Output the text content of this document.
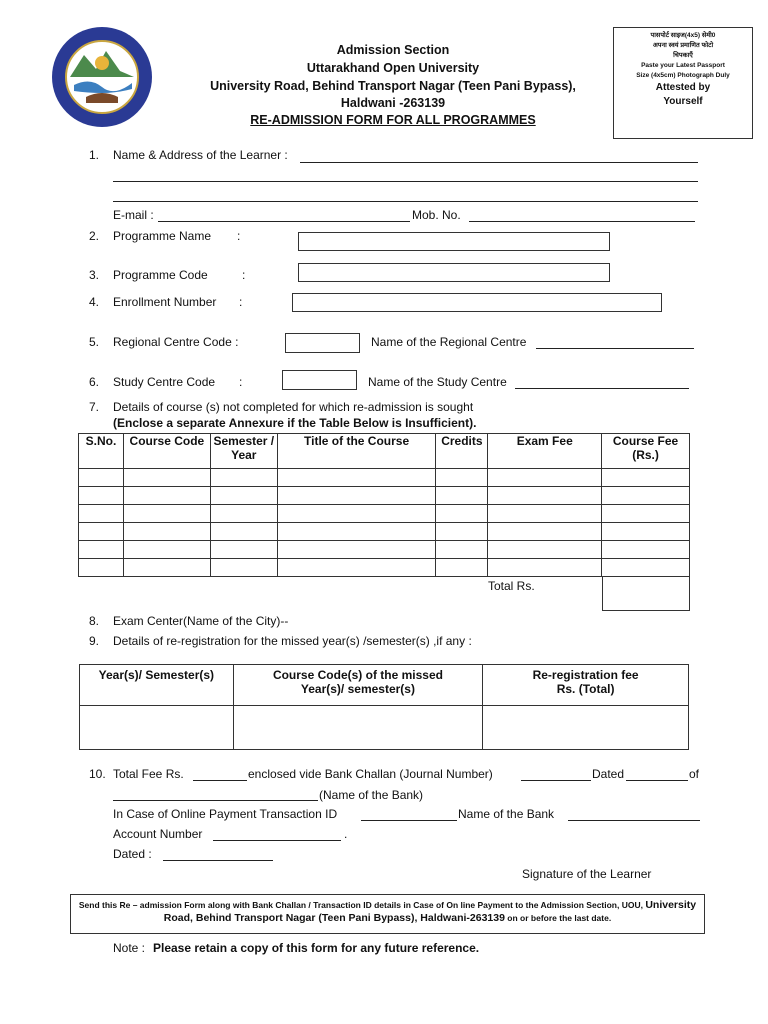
Admission Section
Uttarakhand Open University
University Road, Behind Transport Nagar (Teen Pani Bypass),
Haldwani -263139
RE-ADMISSION FORM FOR ALL PROGRAMMES
पासपोर्ट साइज(4x5) सेमी0
अपना स्वयं प्रमाणित फोटो
चिपकाएँ
Paste your Latest Passport
Size (4x5cm) Photograph Duly
Attested by
Yourself
1. Name & Address of the Learner :
E-mail :	Mob. No.
2. Programme Name :
3. Programme Code	:
4. Enrollment Number :
5. Regional Centre Code :	Name of the Regional Centre
6. Study Centre Code :	Name of the Study Centre
7. Details of course (s) not completed for which re-admission is sought
(Enclose a separate Annexure if the Table Below is Insufficient).
S.No.	Course Code	Semester / Year	Title of the Course	Credits	Exam Fee	Course Fee (Rs.)

Total Rs.
8. Exam Center(Name of the City)--
9. Details of re-registration for the missed year(s) /semester(s) ,if any :
Year(s)/ Semester(s)	Course Code(s) of the missed Year(s)/ semester(s)	Re-registration fee Rs. (Total)

10. Total Fee Rs.	enclosed vide Bank Challan (Journal Number)	Dated	of
(Name of the Bank)
In Case of Online Payment Transaction ID	Name of the Bank
Account Number	.
Dated :
Signature of the Learner
Send this Re – admission Form along with Bank Challan / Transaction ID details in Case of On line Payment to the Admission Section, UOU, University Road, Behind Transport Nagar (Teen Pani Bypass), Haldwani-263139 on or before the last date.
Note : Please retain a copy of this form for any future reference.
